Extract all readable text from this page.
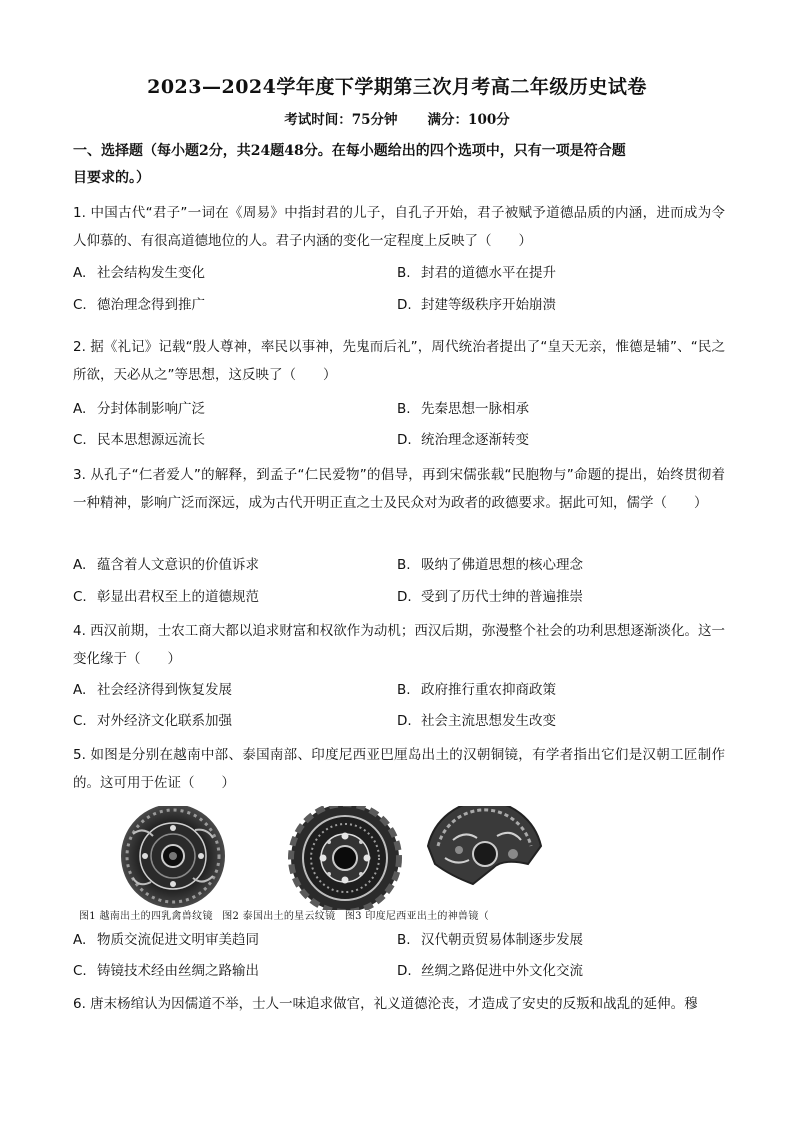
2023—2024学年度下学期第三次月考高二年级历史试卷
考试时间：75分钟 满分：100分
一、选择题（每小题2分，共24题48分。在每小题给出的四个选项中，只有一项是符合题
目要求的。）
1. 中国古代“君子”一词在《周易》中指封君的儿子，自孔子开始，君子被赋予道德品质的内涵，进而成为令人仰慕的、有很高道德地位的人。君子内涵的变化一定程度上反映了（　　）
A. 社会结构发生变化	B. 封君的道德水平在提升
C. 德治理念得到推广	D. 封建等级秩序开始崩溃
2. 据《礼记》记载“殷人尊神，率民以事神，先鬼而后礼”，周代统治者提出了“皇天无亲，惟德是辅”、“民之所欲，天必从之”等思想，这反映了（　　）
A. 分封体制影响广泛	B. 先秦思想一脉相承
C. 民本思想源远流长	D. 统治理念逐渐转变
3. 从孔子“仁者爱人”的解释，到孟子“仁民爱物”的倡导，再到宋儒张载“民胞物与”命题的提出，始终贯彻着一种精神，影响广泛而深远，成为古代开明正直之士及民众对为政者的政德要求。据此可知，儒学（　　）
A. 蕴含着人文意识的价值诉求	B. 吸纳了佛道思想的核心理念
C. 彰显出君权至上的道德规范	D. 受到了历代士绅的普遍推崇
4. 西汉前期，士农工商大都以追求财富和权欲作为动机；西汉后期，弥漫整个社会的功利思想逐渐淡化。这一变化缘于（　　）
A. 社会经济得到恢复发展	B. 政府推行重农抑商政策
C. 对外经济文化联系加强	D. 社会主流思想发生改变
5. 如图是分别在越南中部、泰国南部、印度尼西亚巴厘岛出土的汉朝铜镜，有学者指出它们是汉朝工匠制作的。这可用于佐证（　　）
图1 越南出土的四乳禽兽纹镜 图2 泰国出土的星云纹镜 图3 印度尼西亚出土的神兽镜（
A. 物质交流促进文明审美趋同	B. 汉代朝贡贸易体制逐步发展
C. 铸镜技术经由丝绸之路输出	D. 丝绸之路促进中外文化交流
6. 唐末杨绾认为因儒道不举，士人一味追求做官，礼义道德沦丧，才造成了安史的反叛和战乱的延伸。穆
